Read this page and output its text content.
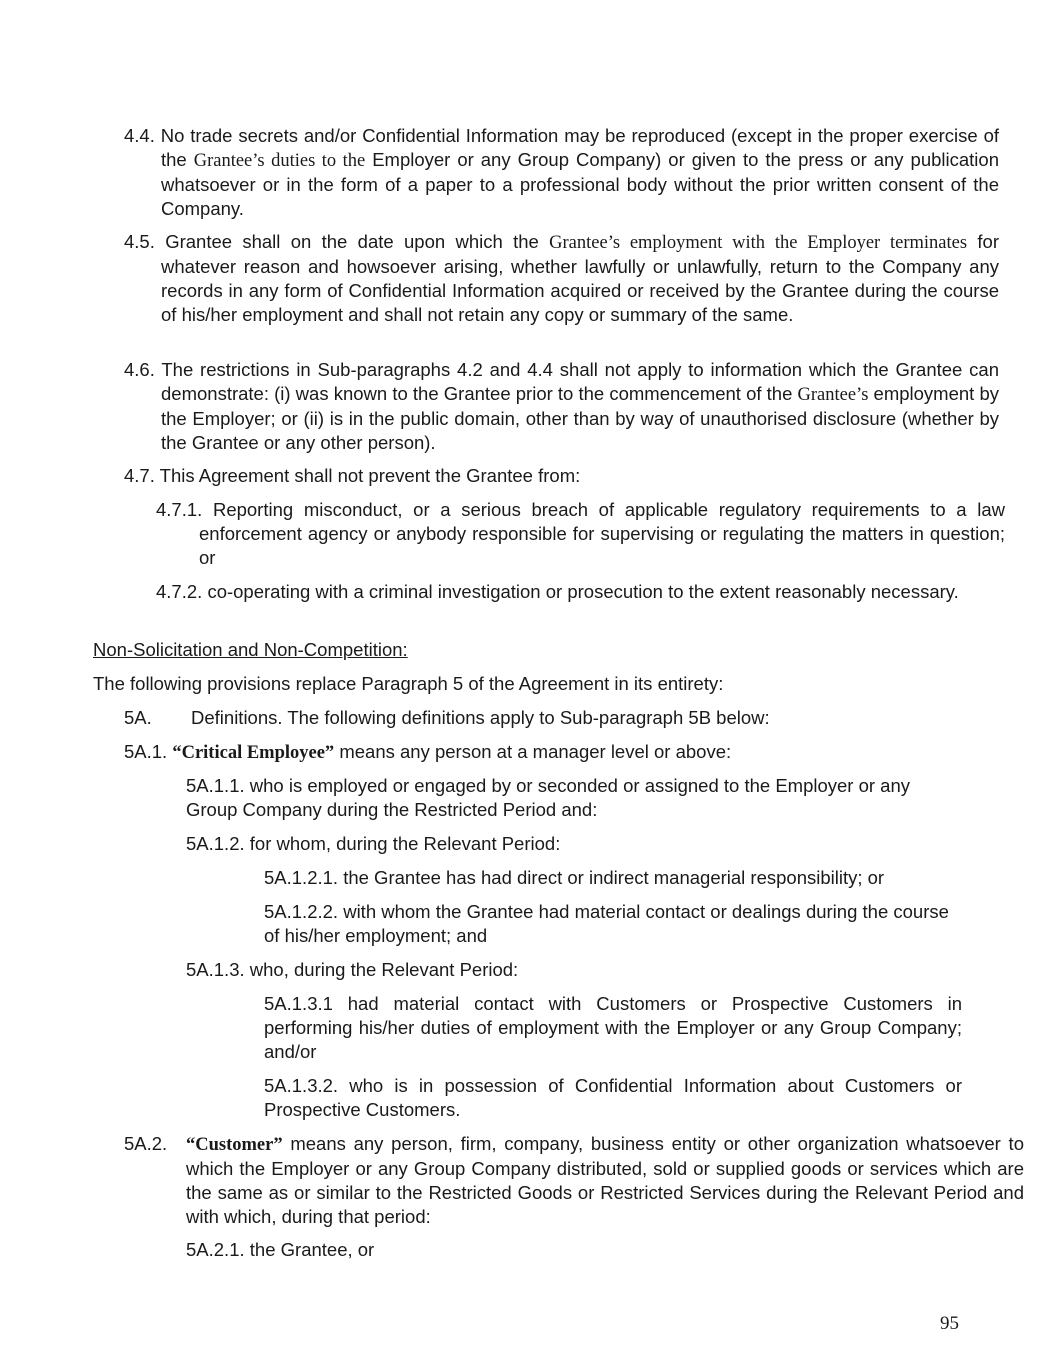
4.4. No trade secrets and/or Confidential Information may be reproduced (except in the proper exercise of the Grantee’s duties to the Employer or any Group Company) or given to the press or any publication whatsoever or in the form of a paper to a professional body without the prior written consent of the Company.

4.5. Grantee shall on the date upon which the Grantee’s employment with the Employer terminates for whatever reason and howsoever arising, whether lawfully or unlawfully, return to the Company any records in any form of Confidential Information acquired or received by the Grantee during the course of his/her employment and shall not retain any copy or summary of the same.

4.6. The restrictions in Sub-paragraphs 4.2 and 4.4 shall not apply to information which the Grantee can demonstrate: (i) was known to the Grantee prior to the commencement of the Grantee’s employment by the Employer; or (ii) is in the public domain, other than by way of unauthorised disclosure (whether by the Grantee or any other person).

4.7. This Agreement shall not prevent the Grantee from:

4.7.1. Reporting misconduct, or a serious breach of applicable regulatory requirements to a law enforcement agency or anybody responsible for supervising or regulating the matters in question; or

4.7.2. co-operating with a criminal investigation or prosecution to the extent reasonably necessary.

Non-Solicitation and Non-Competition:

The following provisions replace Paragraph 5 of the Agreement in its entirety:

5A. Definitions. The following definitions apply to Sub-paragraph 5B below:

5A.1. “Critical Employee” means any person at a manager level or above:

5A.1.1. who is employed or engaged by or seconded or assigned to the Employer or any Group Company during the Restricted Period and:

5A.1.2. for whom, during the Relevant Period:

5A.1.2.1. the Grantee has had direct or indirect managerial responsibility; or

5A.1.2.2. with whom the Grantee had material contact or dealings during the course of his/her employment; and

5A.1.3. who, during the Relevant Period:

5A.1.3.1 had material contact with Customers or Prospective Customers in performing his/her duties of employment with the Employer or any Group Company; and/or

5A.1.3.2. who is in possession of Confidential Information about Customers or Prospective Customers.

5A.2. “Customer” means any person, firm, company, business entity or other organization whatsoever to which the Employer or any Group Company distributed, sold or supplied goods or services which are the same as or similar to the Restricted Goods or Restricted Services during the Relevant Period and with which, during that period:

5A.2.1. the Grantee, or

95
